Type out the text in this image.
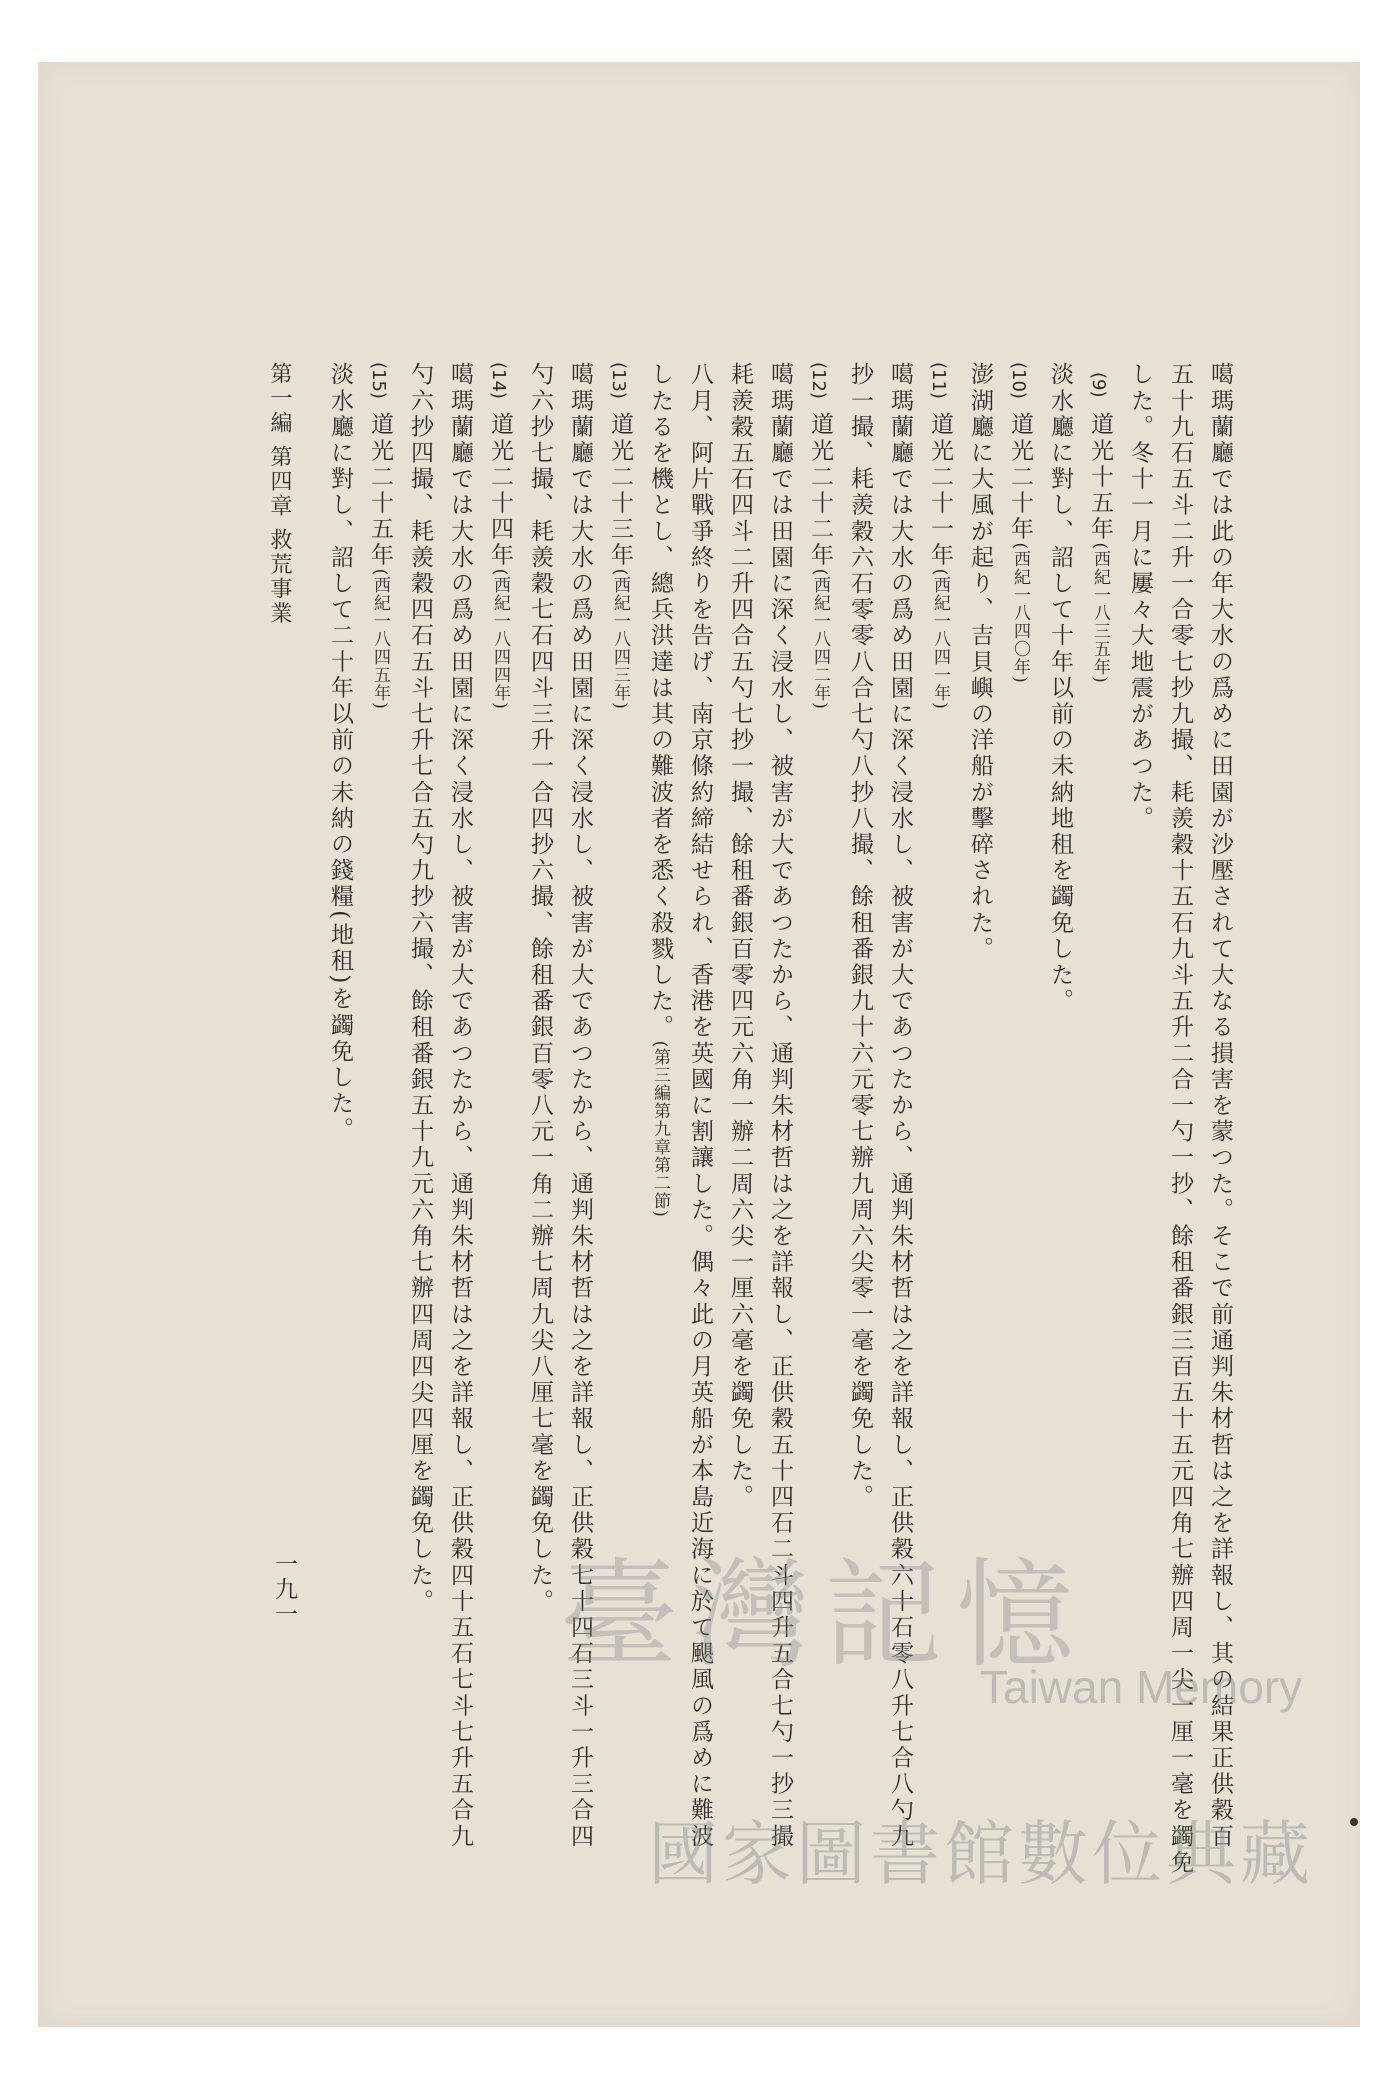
噶瑪蘭廳では此の年大水の爲めに田園が沙壓されて大なる損害を蒙つた。そこで前通判朱材哲は之を詳報し、其の結果正供穀百

五十九石五斗二升一合零七抄九撮、耗羨穀十五石九斗五升二合一勺一抄、餘租番銀三百五十五元四角七辦四周一尖一厘一毫を蠲免

した。冬十一月に屢々大地震があつた。

(9)

道光十五年(西紀一八三五年)

淡水廳に對し、詔して十年以前の未納地租を蠲免した。

(10)

道光二十年(西紀一八四〇年)

澎湖廳に大風が起り、吉貝嶼の洋船が擊碎された。

(11)

道光二十一年(西紀一八四一年)

噶瑪蘭廳では大水の爲め田園に深く浸水し、被害が大であつたから、通判朱材哲は之を詳報し、正供穀六十石零八升七合八勺九

抄一撮、耗羨穀六石零零八合七勺八抄八撮、餘租番銀九十六元零七辦九周六尖零一毫を蠲免した。

(12)

道光二十二年(西紀一八四二年)

噶瑪蘭廳では田園に深く浸水し、被害が大であつたから、通判朱材哲は之を詳報し、正供穀五十四石二斗四升五合七勺一抄三撮

耗羨穀五石四斗二升四合五勺七抄一撮、餘租番銀百零四元六角一辦二周六尖一厘六毫を蠲免した。

八月、阿片戰爭終りを告げ、南京條約締結せられ、香港を英國に割讓した。偶々此の月英船が本島近海に於て颶風の爲めに難波

したるを機とし、總兵洪達は其の難波者を悉く殺戮した。(第三編第九章第二節)

(13)

道光二十三年(西紀一八四三年)

噶瑪蘭廳では大水の爲め田園に深く浸水し、被害が大であつたから、通判朱材哲は之を詳報し、正供穀七十四石三斗一升三合四

勺六抄七撮、耗羨穀七石四斗三升一合四抄六撮、餘租番銀百零八元一角二辦七周九尖八厘七毫を蠲免した。

(14)

道光二十四年(西紀一八四四年)

噶瑪蘭廳では大水の爲め田園に深く浸水し、被害が大であつたから、通判朱材哲は之を詳報し、正供穀四十五石七斗七升五合九

勺六抄四撮、耗羨穀四石五斗七升七合五勺九抄六撮、餘租番銀五十九元六角七辦四周四尖四厘を蠲免した。

(15)

道光二十五年(西紀一八四五年)

淡水廳に對し、詔して二十年以前の未納の錢糧(地租)を蠲免した。

第一編 第四章 救荒事業

一九一 臺灣記憶
Taiwan Memory
國家圖書館數位典藏
